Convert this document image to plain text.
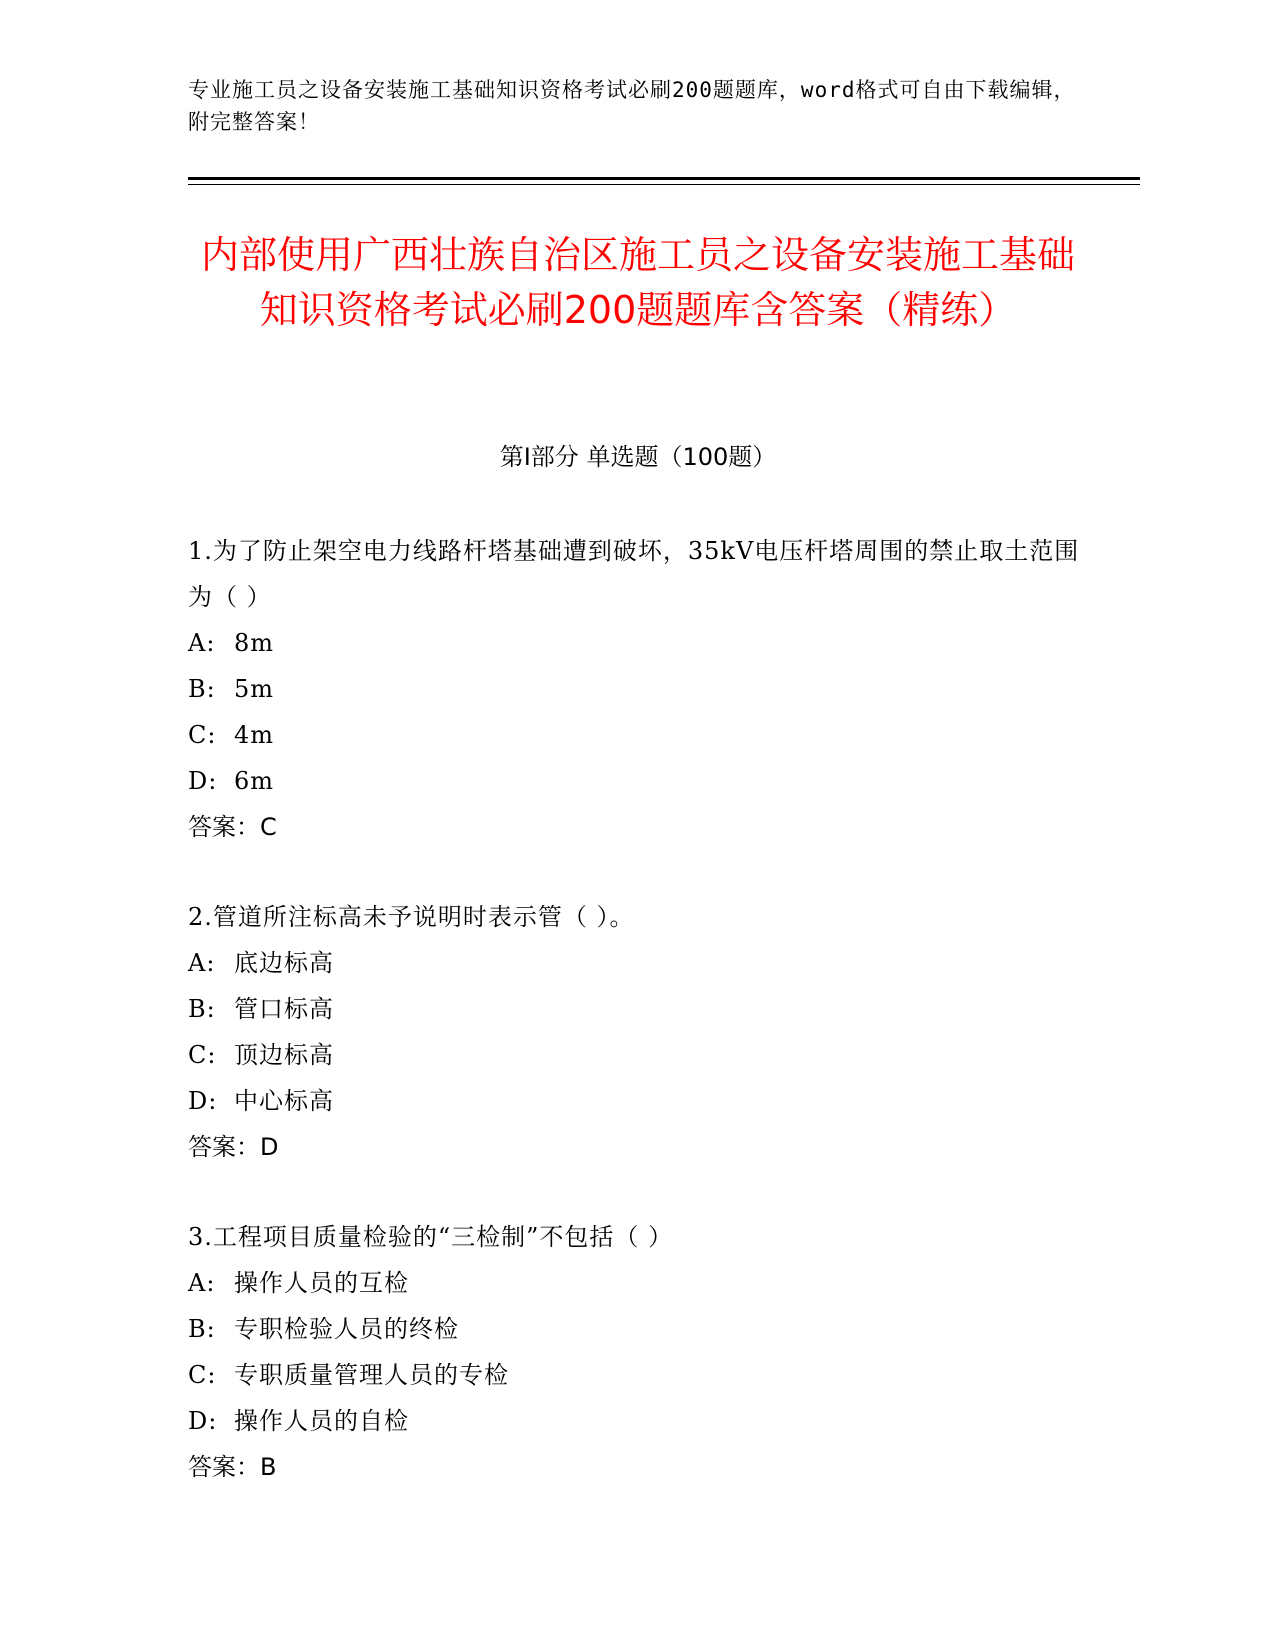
专业施工员之设备安装施工基础知识资格考试必刷200题题库，word格式可自由下载编辑，附完整答案！
内部使用广西壮族自治区施工员之设备安装施工基础知识资格考试必刷200题题库含答案（精练）
第I部分 单选题（100题）

1.为了防止架空电力线路杆塔基础遭到破坏，35kV电压杆塔周围的禁止取土范围为（ ）

A: 8m

B: 5m

C: 4m

D: 6m

答案：C

2.管道所注标高未予说明时表示管（ ）。

A: 底边标高

B: 管口标高

C: 顶边标高

D: 中心标高

答案：D

3.工程项目质量检验的“三检制”不包括（ ）

A: 操作人员的互检

B: 专职检验人员的终检

C: 专职质量管理人员的专检

D: 操作人员的自检

答案：B
